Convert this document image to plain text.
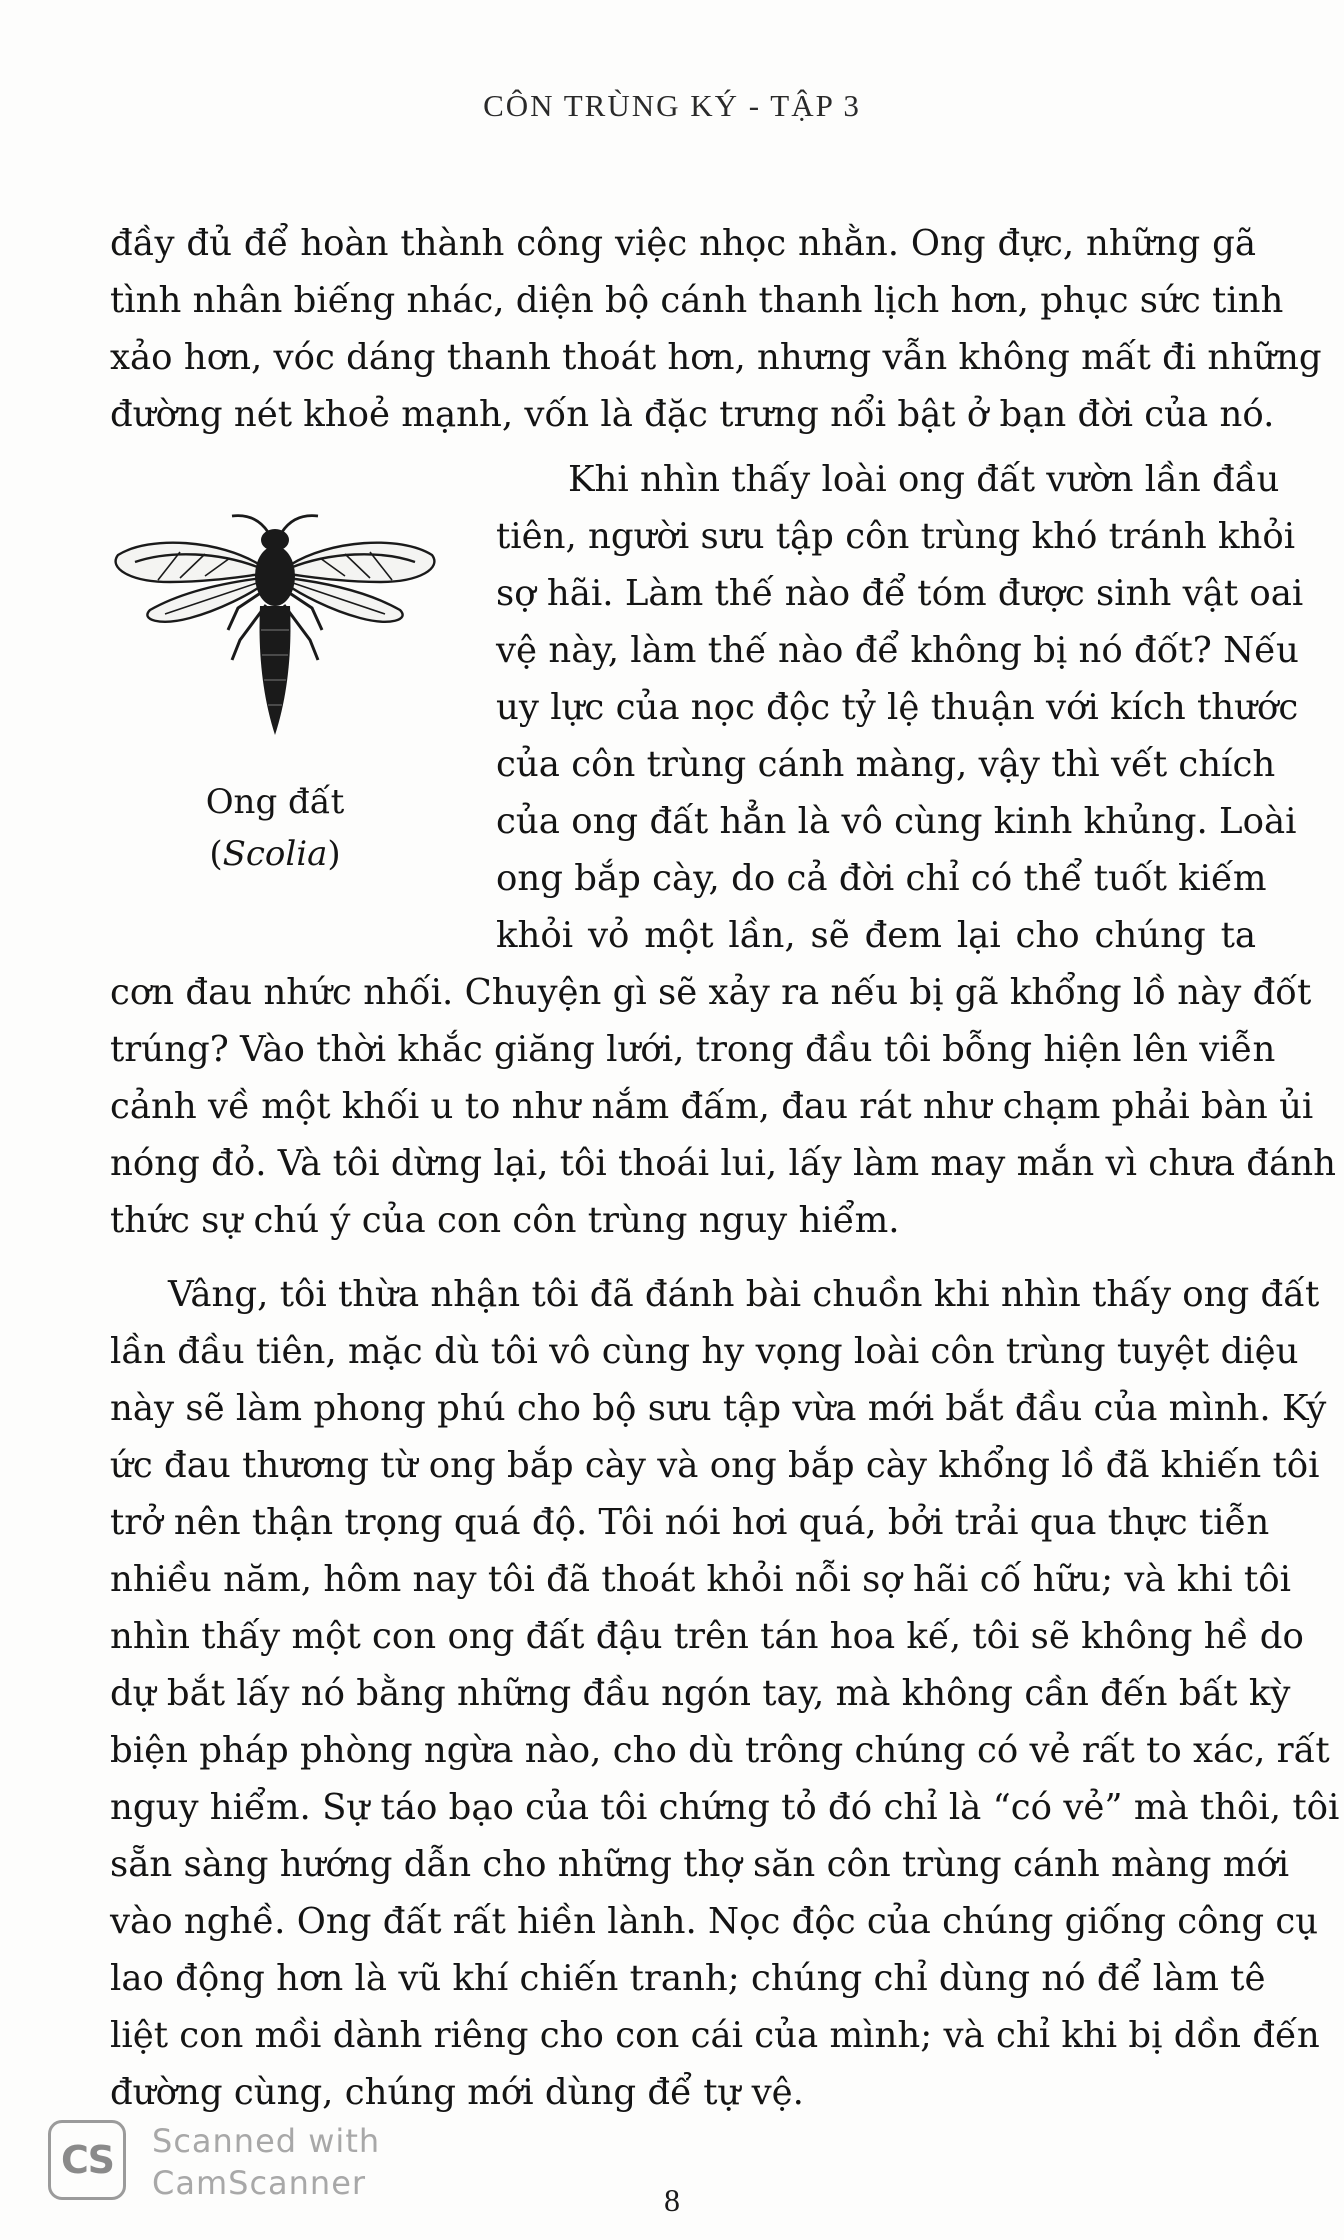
CÔN TRÙNG KÝ - TẬP 3

đầy đủ để hoàn thành công việc nhọc nhằn. Ong đực, những gã

tình nhân biếng nhác, diện bộ cánh thanh lịch hơn, phục sức tinh

xảo hơn, vóc dáng thanh thoát hơn, nhưng vẫn không mất đi những

đường nét khoẻ mạnh, vốn là đặc trưng nổi bật ở bạn đời của nó.

Khi nhìn thấy loài ong đất vườn lần đầu

tiên, người sưu tập côn trùng khó tránh khỏi

sợ hãi. Làm thế nào để tóm được sinh vật oai

vệ này, làm thế nào để không bị nó đốt? Nếu

uy lực của nọc độc tỷ lệ thuận với kích thước

của côn trùng cánh màng, vậy thì vết chích

của ong đất hẳn là vô cùng kinh khủng. Loài

ong bắp cày, do cả đời chỉ có thể tuốt kiếm

khỏi vỏ một lần, sẽ đem lại cho chúng ta

cơn đau nhức nhối. Chuyện gì sẽ xảy ra nếu bị gã khổng lồ này đốt

trúng? Vào thời khắc giăng lưới, trong đầu tôi bỗng hiện lên viễn

cảnh về một khối u to như nắm đấm, đau rát như chạm phải bàn ủi

nóng đỏ. Và tôi dừng lại, tôi thoái lui, lấy làm may mắn vì chưa đánh

thức sự chú ý của con côn trùng nguy hiểm.

Vâng, tôi thừa nhận tôi đã đánh bài chuồn khi nhìn thấy ong đất

lần đầu tiên, mặc dù tôi vô cùng hy vọng loài côn trùng tuyệt diệu

này sẽ làm phong phú cho bộ sưu tập vừa mới bắt đầu của mình. Ký

ức đau thương từ ong bắp cày và ong bắp cày khổng lồ đã khiến tôi

trở nên thận trọng quá độ. Tôi nói hơi quá, bởi trải qua thực tiễn

nhiều năm, hôm nay tôi đã thoát khỏi nỗi sợ hãi cố hữu; và khi tôi

nhìn thấy một con ong đất đậu trên tán hoa kế, tôi sẽ không hề do

dự bắt lấy nó bằng những đầu ngón tay, mà không cần đến bất kỳ

biện pháp phòng ngừa nào, cho dù trông chúng có vẻ rất to xác, rất

nguy hiểm. Sự táo bạo của tôi chứng tỏ đó chỉ là “có vẻ” mà thôi, tôi

sẵn sàng hướng dẫn cho những thợ săn côn trùng cánh màng mới

vào nghề. Ong đất rất hiền lành. Nọc độc của chúng giống công cụ

lao động hơn là vũ khí chiến tranh; chúng chỉ dùng nó để làm tê

liệt con mồi dành riêng cho con cái của mình; và chỉ khi bị dồn đến

đường cùng, chúng mới dùng để tự vệ.

Ong đất
(Scolia)
CS	Scanned with
CamScanner	8
